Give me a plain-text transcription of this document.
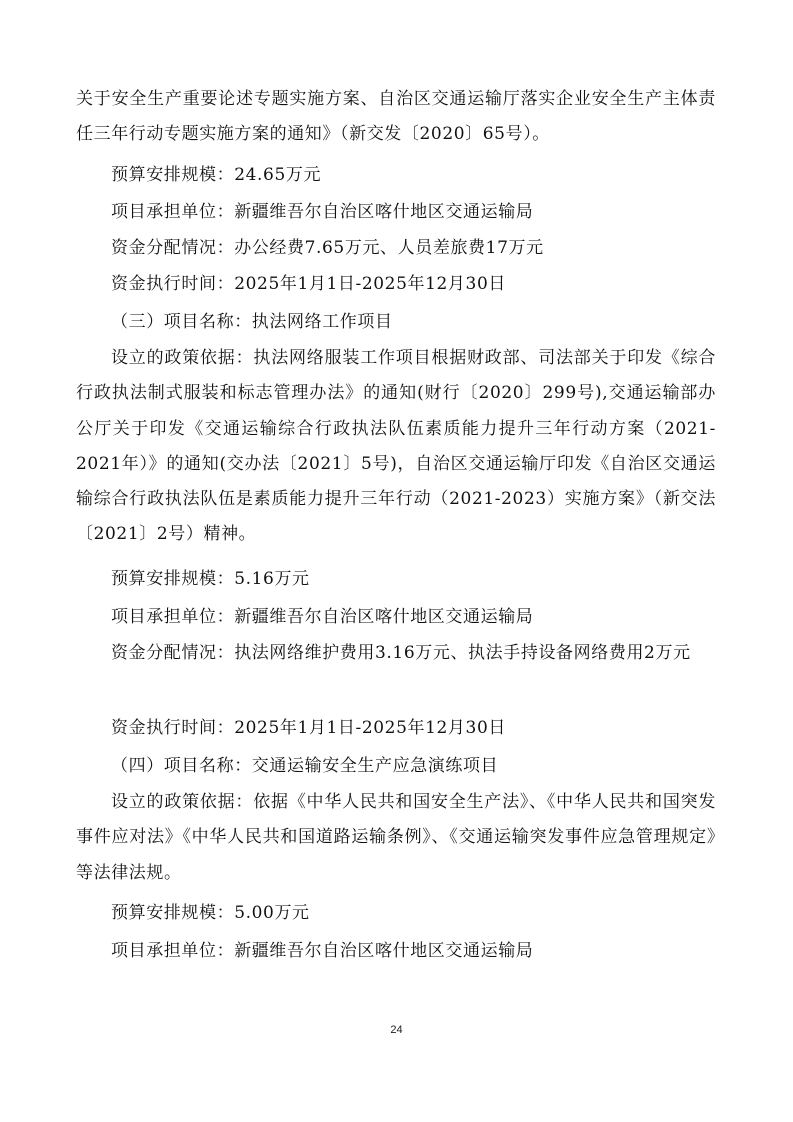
关于安全生产重要论述专题实施方案、自治区交通运输厅落实企业安全生产主体责任三年行动专题实施方案的通知》（新交发〔2020〕65号）。

预算安排规模：24.65万元

项目承担单位：新疆维吾尔自治区喀什地区交通运输局

资金分配情况：办公经费7.65万元、人员差旅费17万元

资金执行时间：2025年1月1日-2025年12月30日

（三）项目名称：执法网络工作项目

设立的政策依据：执法网络服装工作项目根据财政部、司法部关于印发《综合行政执法制式服装和标志管理办法》的通知(财行〔2020〕299号),交通运输部办公厅关于印发《交通运输综合行政执法队伍素质能力提升三年行动方案（2021-2021年）》的通知(交办法〔2021〕5号)，自治区交通运输厅印发《自治区交通运输综合行政执法队伍是素质能力提升三年行动（2021-2023）实施方案》（新交法〔2021〕2号）精神。

预算安排规模：5.16万元

项目承担单位：新疆维吾尔自治区喀什地区交通运输局

资金分配情况：执法网络维护费用3.16万元、执法手持设备网络费用2万元

资金执行时间：2025年1月1日-2025年12月30日

（四）项目名称：交通运输安全生产应急演练项目

设立的政策依据：依据《中华人民共和国安全生产法》、《中华人民共和国突发事件应对法》《中华人民共和国道路运输条例》、《交通运输突发事件应急管理规定》等法律法规。

预算安排规模：5.00万元

项目承担单位：新疆维吾尔自治区喀什地区交通运输局

24
